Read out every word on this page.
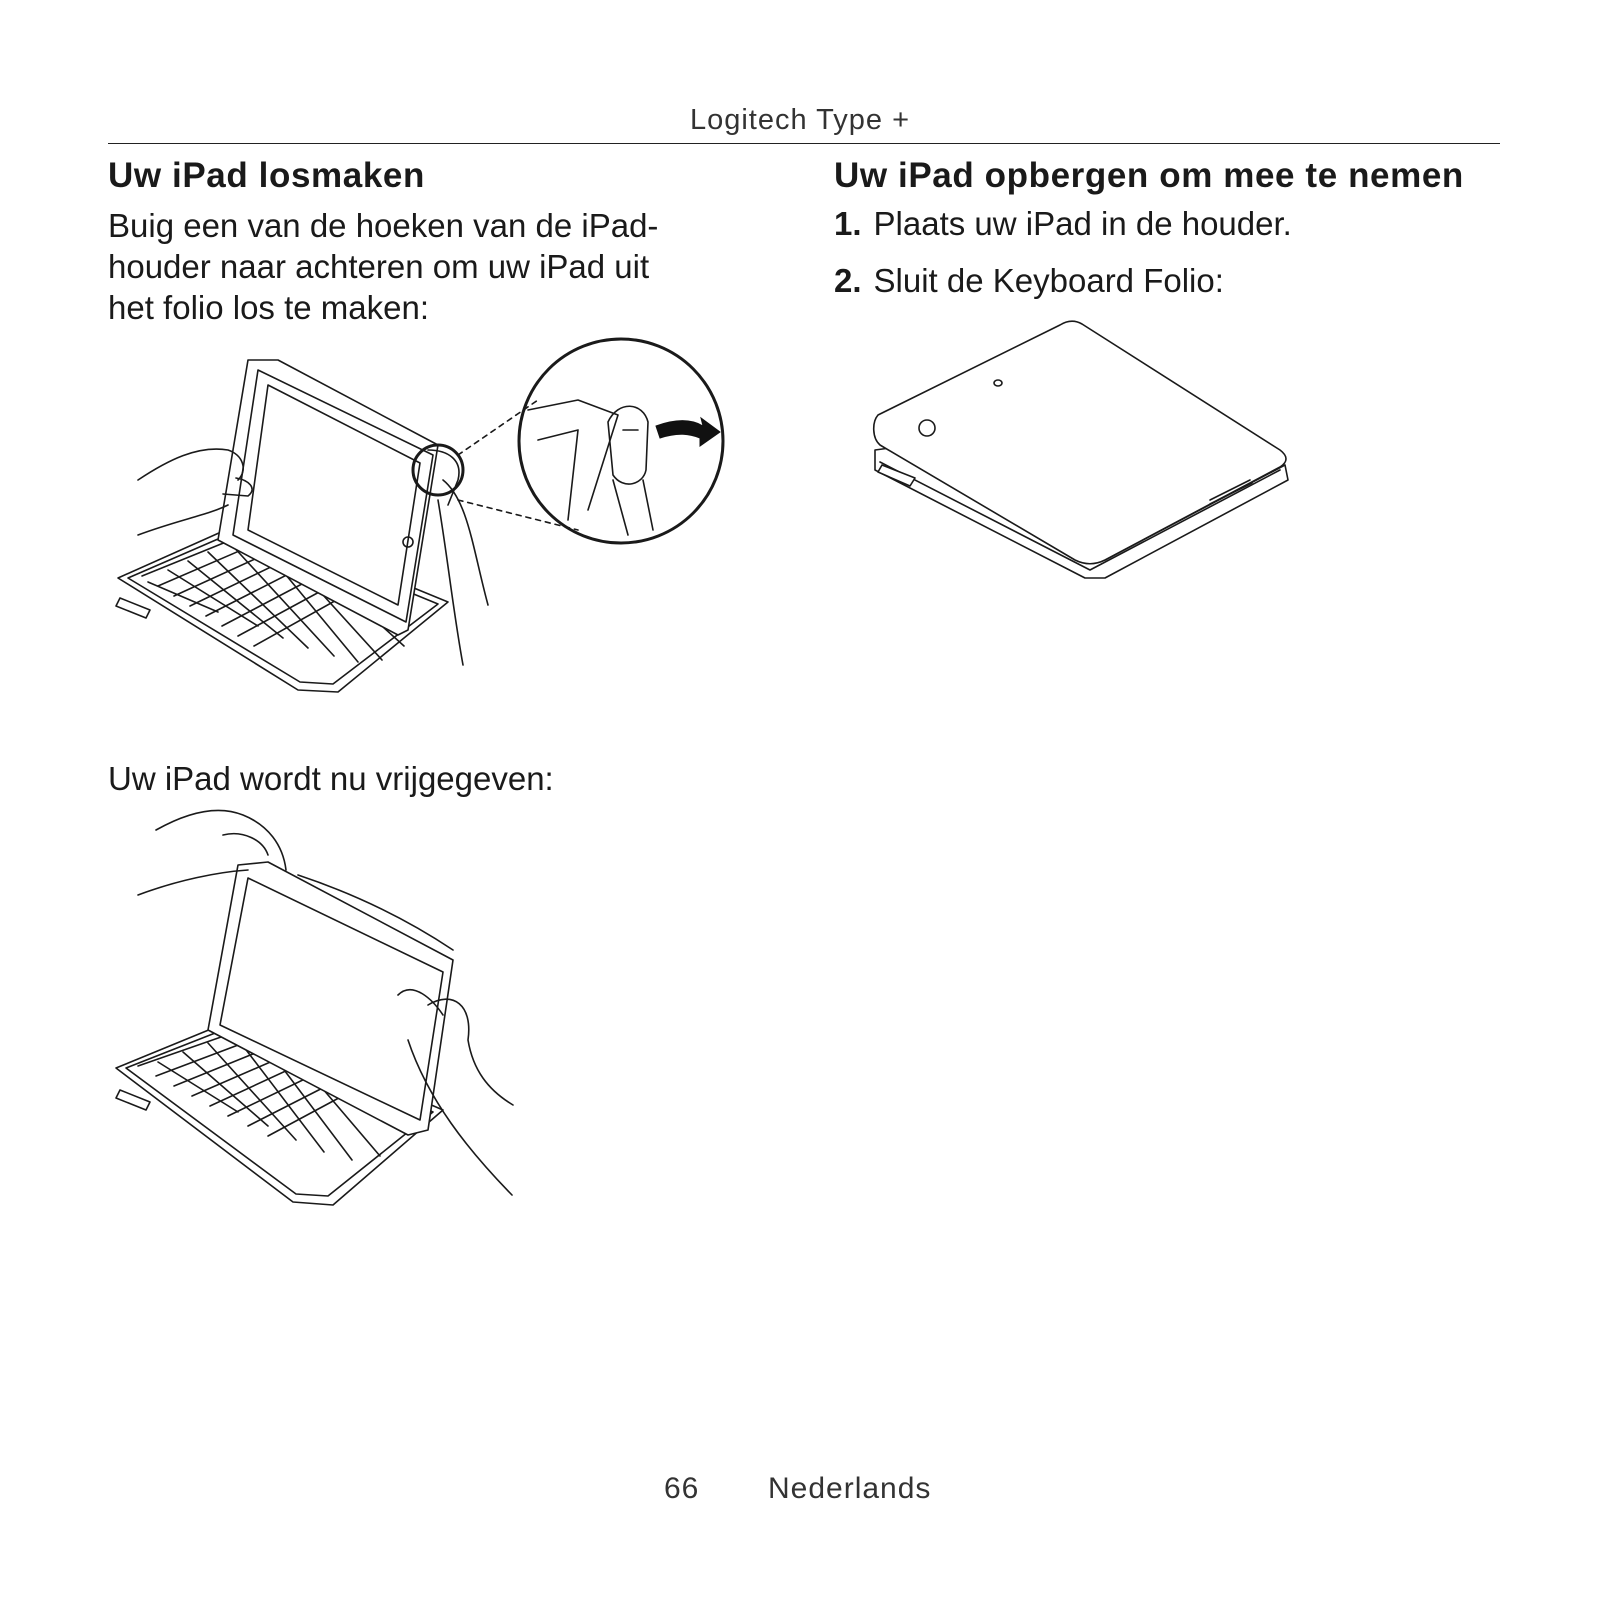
Logitech Type +
Uw iPad losmaken
Buig een van de hoeken van de iPad-
houder naar achteren om uw iPad uit
het folio los te maken:
Uw iPad wordt nu vrijgegeven:
Uw iPad opbergen om mee te nemen
1. Plaats uw iPad in de houder.
2. Sluit de Keyboard Folio:
66 Nederlands
